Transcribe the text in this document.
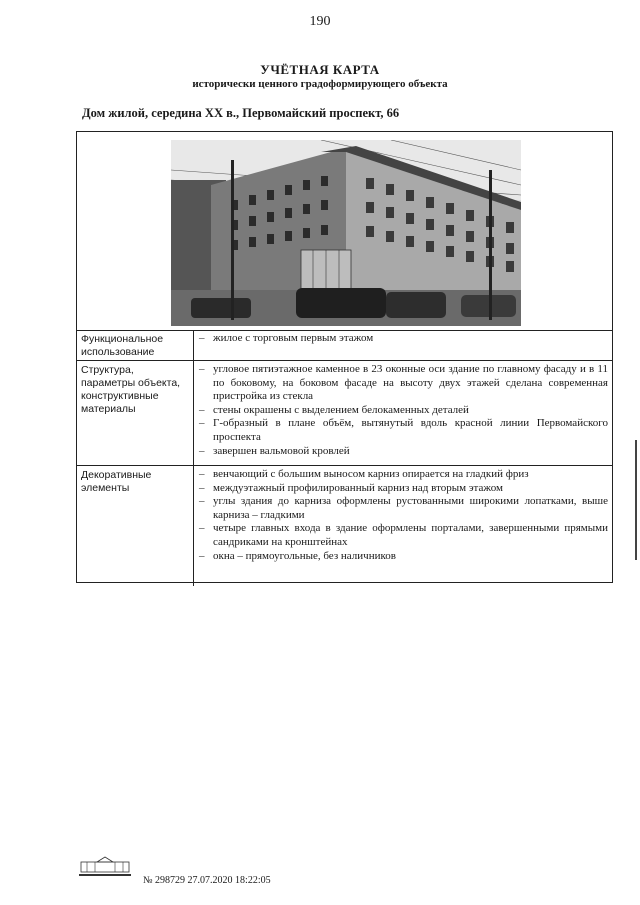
190
УЧЁТНАЯ КАРТА
исторически ценного градоформирующего объекта
Дом жилой, середина XX в., Первомайский проспект, 66
Функциональное использование
– жилое с торговым первым этажом
Структура, параметры объекта, конструктивные материалы
– угловое пятиэтажное каменное в 23 оконные оси здание по главному фасаду и в 11 по боковому, на боковом фасаде на высоту двух этажей сделана современная пристройка из стекла
– стены окрашены с выделением белокаменных деталей
– Г-образный в плане объём, вытянутый вдоль красной линии Первомайского проспекта
– завершен вальмовой кровлей
Декоративные элементы
– венчающий с большим выносом карниз опирается на гладкий фриз
– междуэтажный профилированный карниз над вторым этажом
– углы здания до карниза оформлены рустованными широкими лопатками, выше карниза – гладкими
– четыре главных входа в здание оформлены порталами, завершенными прямыми сандриками на кронштейнах
– окна – прямоугольные, без наличников
№ 298729 27.07.2020 18:22:05
